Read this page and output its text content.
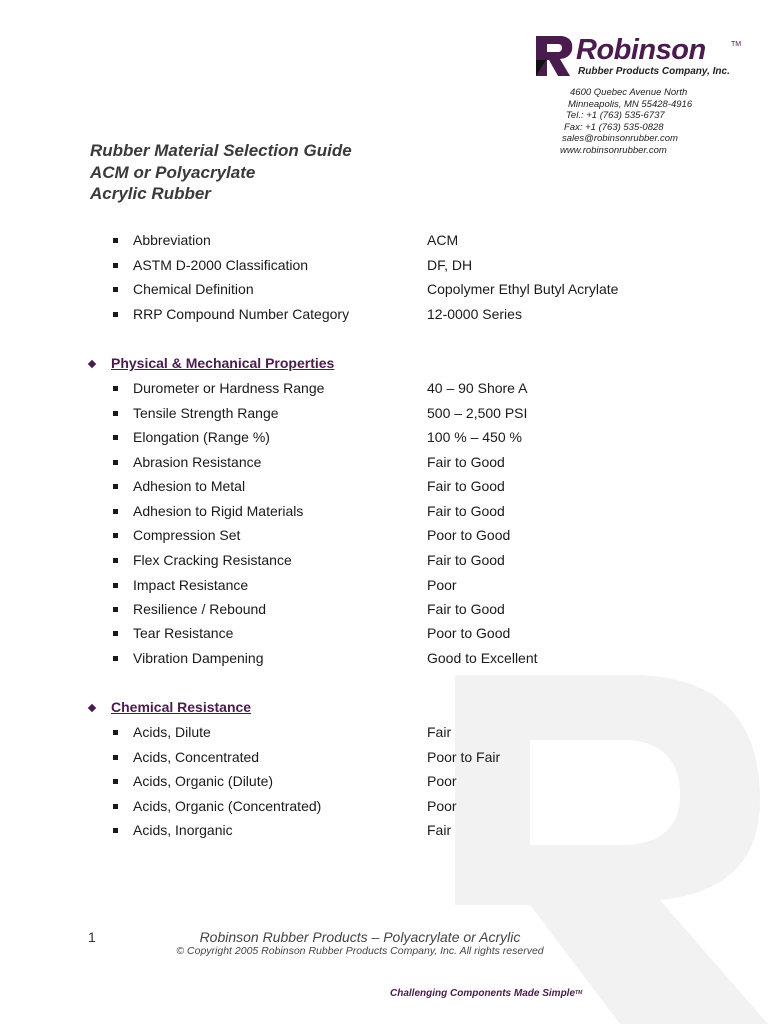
Robinson	TM
Rubber Products Company, Inc.
4600 Quebec Avenue North
Minneapolis, MN 55428-4916
Tel.: +1 (763) 535-6737
Fax: +1 (763) 535-0828
sales@robinsonrubber.com
www.robinsonrubber.com
Rubber Material Selection Guide
ACM or Polyacrylate
Acrylic Rubber
Abbreviation	ACM
ASTM D-2000 Classification	DF, DH
Chemical Definition	Copolymer Ethyl Butyl Acrylate
RRP Compound Number Category	12-0000 Series
Physical & Mechanical Properties
Durometer or Hardness Range	40 – 90 Shore A
Tensile Strength Range	500 – 2,500 PSI
Elongation (Range %)	100 % – 450 %
Abrasion Resistance	Fair to Good
Adhesion to Metal	Fair to Good
Adhesion to Rigid Materials	Fair to Good
Compression Set	Poor to Good
Flex Cracking Resistance	Fair to Good
Impact Resistance	Poor
Resilience / Rebound	Fair to Good
Tear Resistance	Poor to Good
Vibration Dampening	Good to Excellent
Chemical Resistance
Acids, Dilute	Fair
Acids, Concentrated	Poor to Fair
Acids, Organic (Dilute)	Poor
Acids, Organic (Concentrated)	Poor
Acids, Inorganic	Fair
1	Robinson Rubber Products – Polyacrylate or Acrylic
© Copyright 2005 Robinson Rubber Products Company, Inc. All rights reserved
Challenging Components Made Simple™
